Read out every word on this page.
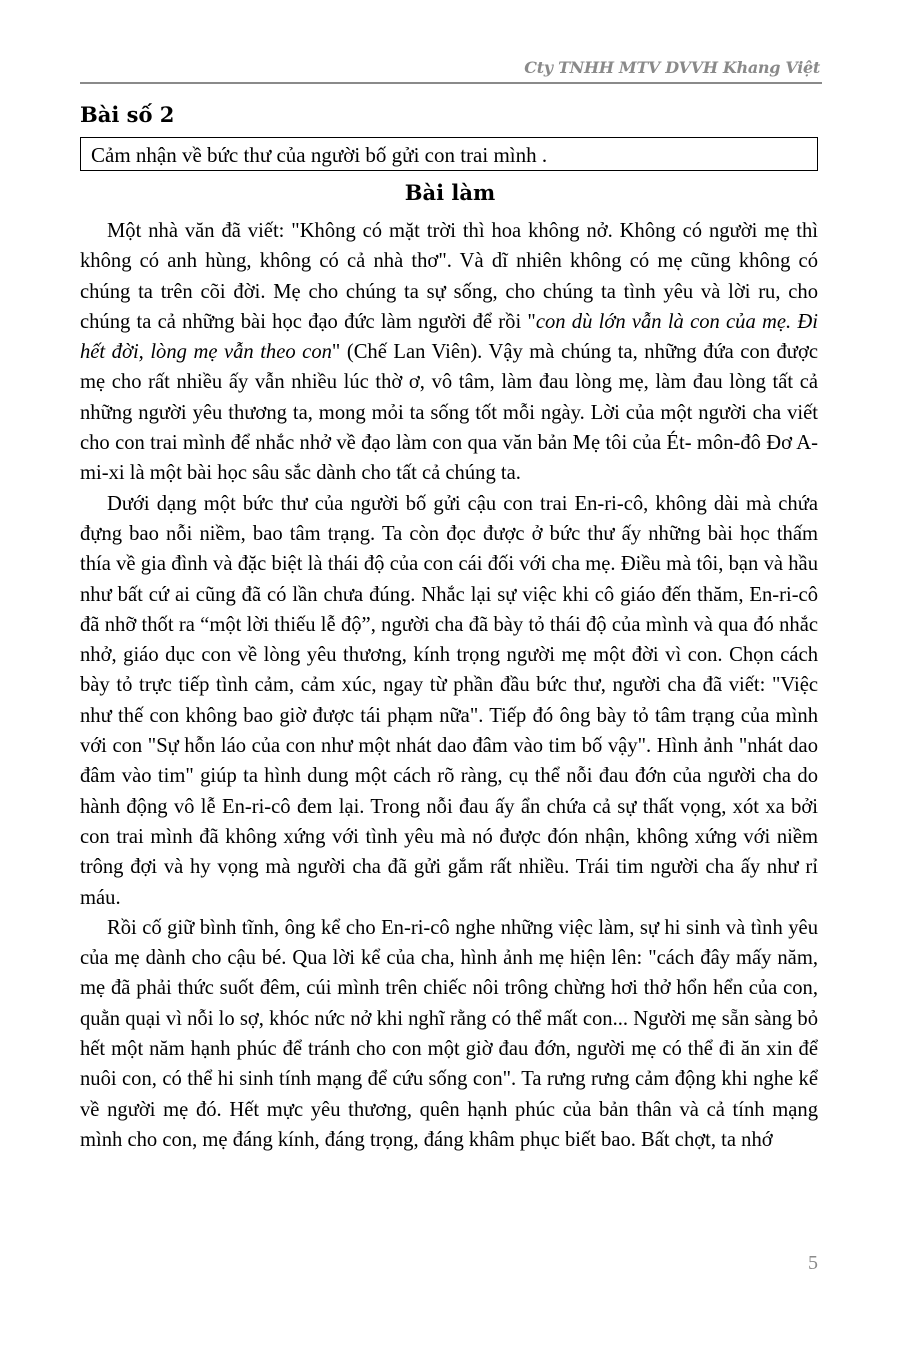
Cty TNHH MTV DVVH Khang Việt
Bài số 2
Cảm nhận về bức thư của người bố gửi con trai mình .
Bài làm

Một nhà văn đã viết: "Không có mặt trời thì hoa không nở. Không có người mẹ thì không có anh hùng, không có cả nhà thơ". Và dĩ nhiên không có mẹ cũng không có chúng ta trên cõi đời. Mẹ cho chúng ta sự sống, cho chúng ta tình yêu và lời ru, cho chúng ta cả những bài học đạo đức làm người để rồi "con dù lớn vẫn là con của mẹ. Đi hết đời, lòng mẹ vẫn theo con" (Chế Lan Viên). Vậy mà chúng ta, những đứa con được mẹ cho rất nhiều ấy vẫn nhiều lúc thờ ơ, vô tâm, làm đau lòng mẹ, làm đau lòng tất cả những người yêu thương ta, mong mỏi ta sống tốt mỗi ngày. Lời của một người cha viết cho con trai mình để nhắc nhở về đạo làm con qua văn bản Mẹ tôi của Ét- môn-đô Đơ A-mi-xi là một bài học sâu sắc dành cho tất cả chúng ta.

Dưới dạng một bức thư của người bố gửi cậu con trai En-ri-cô, không dài mà chứa đựng bao nỗi niềm, bao tâm trạng. Ta còn đọc được ở bức thư ấy những bài học thấm thía về gia đình và đặc biệt là thái độ của con cái đối với cha mẹ. Điều mà tôi, bạn và hầu như bất cứ ai cũng đã có lần chưa đúng. Nhắc lại sự việc khi cô giáo đến thăm, En-ri-cô đã nhỡ thốt ra “một lời thiếu lễ độ”, người cha đã bày tỏ thái độ của mình và qua đó nhắc nhở, giáo dục con về lòng yêu thương, kính trọng người mẹ một đời vì con. Chọn cách bày tỏ trực tiếp tình cảm, cảm xúc, ngay từ phần đầu bức thư, người cha đã viết: "Việc như thế con không bao giờ được tái phạm nữa". Tiếp đó ông bày tỏ tâm trạng của mình với con "Sự hỗn láo của con như một nhát dao đâm vào tim bố vậy". Hình ảnh "nhát dao đâm vào tim" giúp ta hình dung một cách rõ ràng, cụ thể nỗi đau đớn của người cha do hành động vô lễ En-ri-cô đem lại. Trong nỗi đau ấy ẩn chứa cả sự thất vọng, xót xa bởi con trai mình đã không xứng với tình yêu mà nó được đón nhận, không xứng với niềm trông đợi và hy vọng mà người cha đã gửi gắm rất nhiều. Trái tim người cha ấy như rỉ máu.

Rồi cố giữ bình tĩnh, ông kể cho En-ri-cô nghe những việc làm, sự hi sinh và tình yêu của mẹ dành cho cậu bé. Qua lời kể của cha, hình ảnh mẹ hiện lên: "cách đây mấy năm, mẹ đã phải thức suốt đêm, cúi mình trên chiếc nôi trông chừng hơi thở hổn hển của con, quằn quại vì nỗi lo sợ, khóc nức nở khi nghĩ rằng có thể mất con... Người mẹ sẵn sàng bỏ hết một năm hạnh phúc để tránh cho con một giờ đau đớn, người mẹ có thể đi ăn xin để nuôi con, có thể hi sinh tính mạng để cứu sống con". Ta rưng rưng cảm động khi nghe kể về người mẹ đó. Hết mực yêu thương, quên hạnh phúc của bản thân và cả tính mạng mình cho con, mẹ đáng kính, đáng trọng, đáng khâm phục biết bao. Bất chợt, ta nhớ

5
